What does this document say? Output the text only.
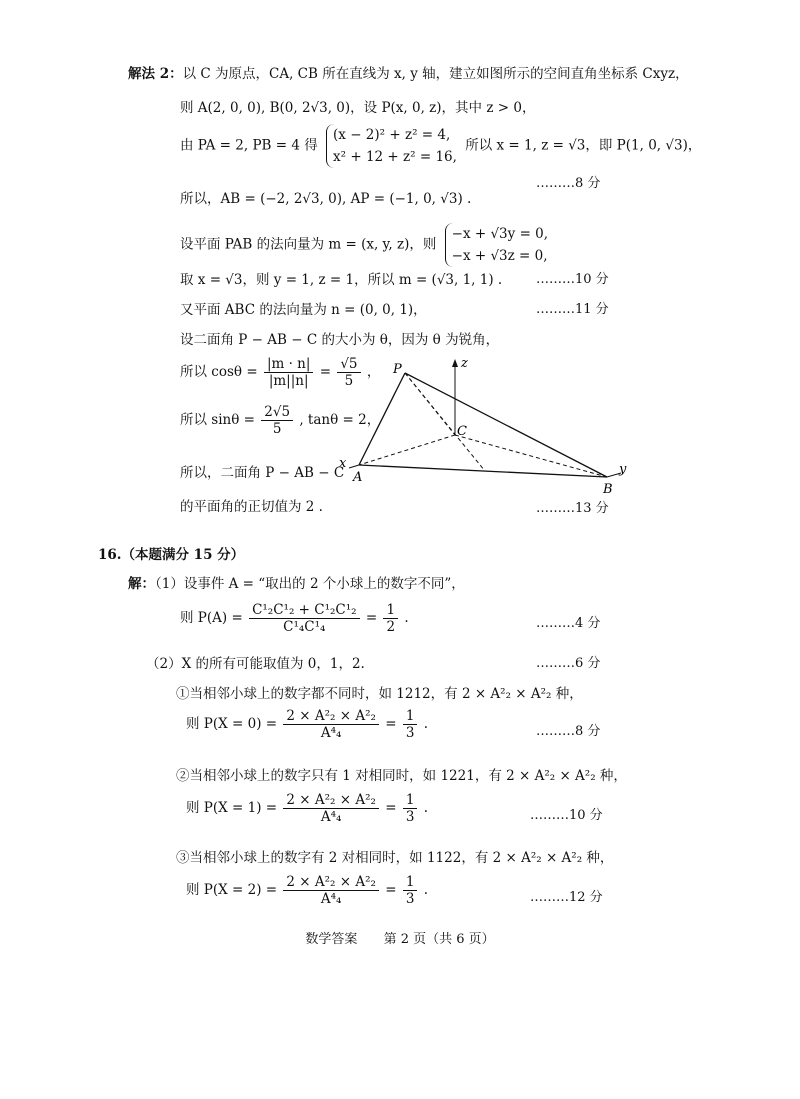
解法 2：以 C 为原点，CA, CB 所在直线为 x, y 轴，建立如图所示的空间直角坐标系 Cxyz，
则 A(2, 0, 0), B(0, 2√3, 0)，设 P(x, 0, z)，其中 z > 0，
由 PA = 2, PB = 4 得
(x − 2)² + z² = 4,
x² + 12 + z² = 16,
所以 x = 1, z = √3，即 P(1, 0, √3)，
………8 分
所以，AB = (−2, 2√3, 0), AP = (−1, 0, √3) .
设平面 PAB 的法向量为 m = (x, y, z)，则
−x + √3y = 0,
−x + √3z = 0,
取 x = √3，则 y = 1, z = 1，所以 m = (√3, 1, 1) .	………10 分
又平面 ABC 的法向量为 n = (0, 0, 1)，	………11 分
设二面角 P − AB − C 的大小为 θ，因为 θ 为锐角，
所以 $\cos\theta = \frac{|m \cdot n|}{|m||n|} = \frac{√5}{5}$ ，
所以 $\sin\theta = \frac{2√5}{5}$ , tanθ = 2，
所以，二面角 P − AB − C
的平面角的正切值为 2 .	………13 分
P	z
C
x
A
y
B
16.（本题满分 15 分）
解：（1）设事件 A = “取出的 2 个小球上的数字不同”，
则 $P(A) = \frac{\text{C¹₂C¹₂ + C¹₂C¹₂}}{\text{C¹₄C¹₄}} = \frac{1}{2}$ .	………4 分
（2）X 的所有可能取值为 0，1，2.	………6 分
①当相邻小球上的数字都不同时，如 1212，有 2 × A²₂ × A²₂ 种，
则 $P(X = 0) = \frac{\text{2 × A²₂ × A²₂}}{\text{A⁴₄}} = \frac{1}{3}$ .	………8 分
②当相邻小球上的数字只有 1 对相同时，如 1221，有 2 × A²₂ × A²₂ 种，
则 $P(X = 1) = \frac{\text{2 × A²₂ × A²₂}}{\text{A⁴₄}} = \frac{1}{3}$ .	………10 分
③当相邻小球上的数字有 2 对相同时，如 1122，有 2 × A²₂ × A²₂ 种，
则 $P(X = 2) = \frac{\text{2 × A²₂ × A²₂}}{\text{A⁴₄}} = \frac{1}{3}$ .	………12 分
数学答案 第 2 页（共 6 页）
